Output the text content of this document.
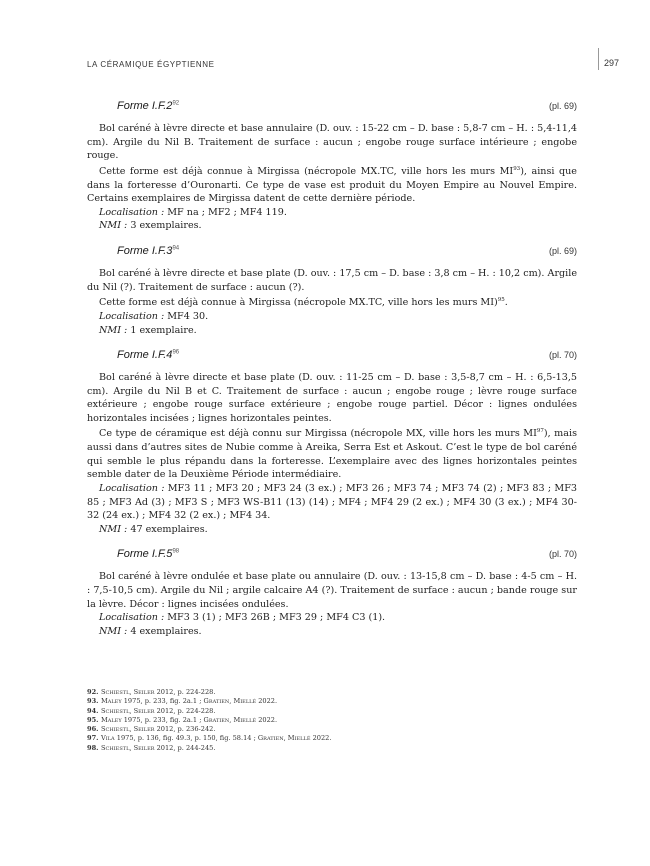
LA CÉRAMIQUE ÉGYPTIENNE	297
Forme $I.F.2^{92}$	(pl. 69)

Bol caréné à lèvre directe et base annulaire (D. ouv. : 15-22 cm – D. base : 5,8-7 cm – H. : 5,4-11,4 cm). Argile du Nil B. Traitement de surface : aucun ; engobe rouge surface intérieure ; engobe rouge.

Cette forme est déjà connue à Mirgissa (nécropole MX.TC, ville hors les murs MI$^{93}$), ainsi que dans la forteresse d’Ouronarti. Ce type de vase est produit du Moyen Empire au Nouvel Empire. Certains exemplaires de Mirgissa datent de cette dernière période.

Localisation : MF na ; MF2 ; MF4 119.

NMI : 3 exemplaires.

Forme $I.F.3^{94}$	(pl. 69)

Bol caréné à lèvre directe et base plate (D. ouv. : 17,5 cm – D. base : 3,8 cm – H. : 10,2 cm). Argile du Nil (?). Traitement de surface : aucun (?).

Cette forme est déjà connue à Mirgissa (nécropole MX.TC, ville hors les murs MI)$^{95}$.

Localisation : MF4 30.

NMI : 1 exemplaire.

Forme $I.F.4^{96}$	(pl. 70)

Bol caréné à lèvre directe et base plate (D. ouv. : 11-25 cm – D. base : 3,5-8,7 cm – H. : 6,5-13,5 cm). Argile du Nil B et C. Traitement de surface : aucun ; engobe rouge ; lèvre rouge surface extérieure ; engobe rouge surface extérieure ; engobe rouge partiel. Décor : lignes ondulées horizontales incisées ; lignes horizontales peintes.

Ce type de céramique est déjà connu sur Mirgissa (nécropole MX, ville hors les murs MI$^{97}$), mais aussi dans d’autres sites de Nubie comme à Areika, Serra Est et Askout. C’est le type de bol caréné qui semble le plus répandu dans la forteresse. L’exemplaire avec des lignes horizontales peintes semble dater de la Deuxième Période intermédiaire.

Localisation : MF3 11 ; MF3 20 ; MF3 24 (3 ex.) ; MF3 26 ; MF3 74 ; MF3 74 (2) ; MF3 83 ; MF3 85 ; MF3 Ad (3) ; MF3 S ; MF3 WS-B11 (13) (14) ; MF4 ; MF4 29 (2 ex.) ; MF4 30 (3 ex.) ; MF4 30-32 (24 ex.) ; MF4 32 (2 ex.) ; MF4 34.

NMI : 47 exemplaires.

Forme $I.F.5^{98}$	(pl. 70)

Bol caréné à lèvre ondulée et base plate ou annulaire (D. ouv. : 13-15,8 cm – D. base : 4-5 cm – H. : 7,5-10,5 cm). Argile du Nil ; argile calcaire A4 (?). Traitement de surface : aucun ; bande rouge sur la lèvre. Décor : lignes incisées ondulées.

Localisation : MF3 3 (1) ; MF3 26B ; MF3 29 ; MF4 C3 (1).

NMI : 4 exemplaires.

92. Schiestl, Seiler 2012, p. 224-228.
93. Maley 1975, p. 233, fig. 2a.1 ; Gratien, Miellé 2022.
94. Schiestl, Seiler 2012, p. 224-228.
95. Maley 1975, p. 233, fig. 2a.1 ; Gratien, Miellé 2022.
96. Schiestl, Seiler 2012, p. 236-242.
97. Vila 1975, p. 136, fig. 49.3, p. 150, fig. 58.14 ; Gratien, Miellé 2022.
98. Schiestl, Seiler 2012, p. 244-245.
